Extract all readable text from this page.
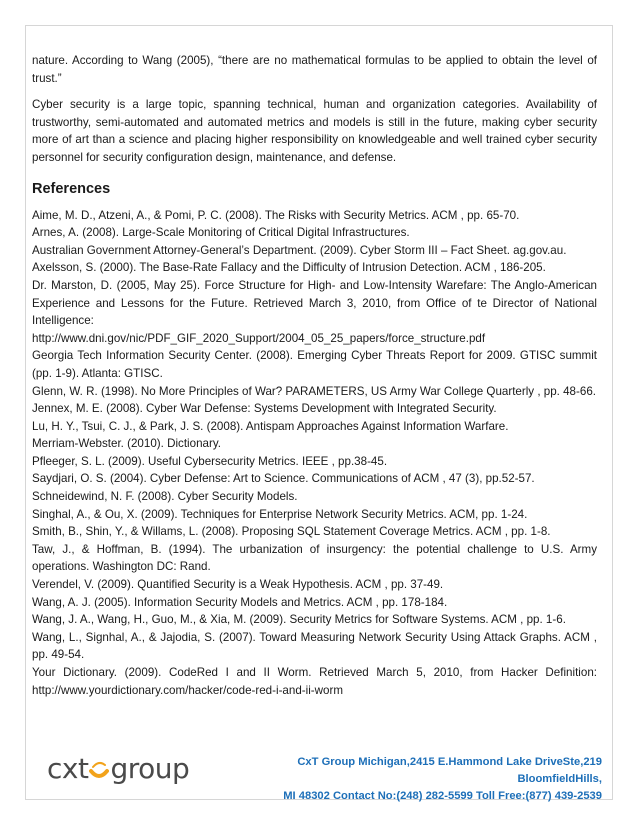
nature. According to Wang (2005), “there are no mathematical formulas to be applied to obtain the level of trust.”

Cyber security is a large topic, spanning technical, human and organization categories. Availability of trustworthy, semi-automated and automated metrics and models is still in the future, making cyber security more of art than a science and placing higher responsibility on knowledgeable and well trained cyber security personnel for security configuration design, maintenance, and defense.

References
Aime, M. D., Atzeni, A., & Pomi, P. C. (2008). The Risks with Security Metrics. ACM , pp. 65-70.
Arnes, A. (2008). Large-Scale Monitoring of Critical Digital Infrastructures.
Australian Government Attorney-General’s Department. (2009). Cyber Storm III – Fact Sheet. ag.gov.au.
Axelsson, S. (2000). The Base-Rate Fallacy and the Difficulty of Intrusion Detection. ACM , 186-205.
Dr. Marston, D. (2005, May 25). Force Structure for High- and Low-Intensity Warefare: The Anglo-American Experience and Lessons for the Future. Retrieved March 3, 2010, from Office of te Director of National Intelligence:
http://www.dni.gov/nic/PDF_GIF_2020_Support/2004_05_25_papers/force_structure.pdf
Georgia Tech Information Security Center. (2008). Emerging Cyber Threats Report for 2009. GTISC summit (pp. 1-9). Atlanta: GTISC.
Glenn, W. R. (1998). No More Principles of War? PARAMETERS, US Army War College Quarterly , pp. 48-66.
Jennex, M. E. (2008). Cyber War Defense: Systems Development with Integrated Security.
Lu, H. Y., Tsui, C. J., & Park, J. S. (2008). Antispam Approaches Against Information Warfare.
Merriam-Webster. (2010). Dictionary.
Pfleeger, S. L. (2009). Useful Cybersecurity Metrics. IEEE , pp.38-45.
Saydjari, O. S. (2004). Cyber Defense: Art to Science. Communications of ACM , 47 (3), pp.52-57.
Schneidewind, N. F. (2008). Cyber Security Models.
Singhal, A., & Ou, X. (2009). Techniques for Enterprise Network Security Metrics. ACM, pp. 1-24.
Smith, B., Shin, Y., & Willams, L. (2008). Proposing SQL Statement Coverage Metrics. ACM , pp. 1-8.
Taw, J., & Hoffman, B. (1994). The urbanization of insurgency: the potential challenge to U.S. Army operations. Washington DC: Rand.
Verendel, V. (2009). Quantified Security is a Weak Hypothesis. ACM , pp. 37-49.
Wang, A. J. (2005). Information Security Models and Metrics. ACM , pp. 178-184.
Wang, J. A., Wang, H., Guo, M., & Xia, M. (2009). Security Metrics for Software Systems. ACM , pp. 1-6.
Wang, L., Signhal, A., & Jajodia, S. (2007). Toward Measuring Network Security Using Attack Graphs. ACM , pp. 49-54.
Your Dictionary. (2009). CodeRed I and II Worm. Retrieved March 5, 2010, from Hacker Definition: http://www.yourdictionary.com/hacker/code-red-i-and-ii-worm
cxt group	CxT Group Michigan,2415 E.Hammond Lake DriveSte,219 BloomfieldHills,
MI 48302 Contact No:(248) 282-5599 Toll Free:(877) 439-2539
